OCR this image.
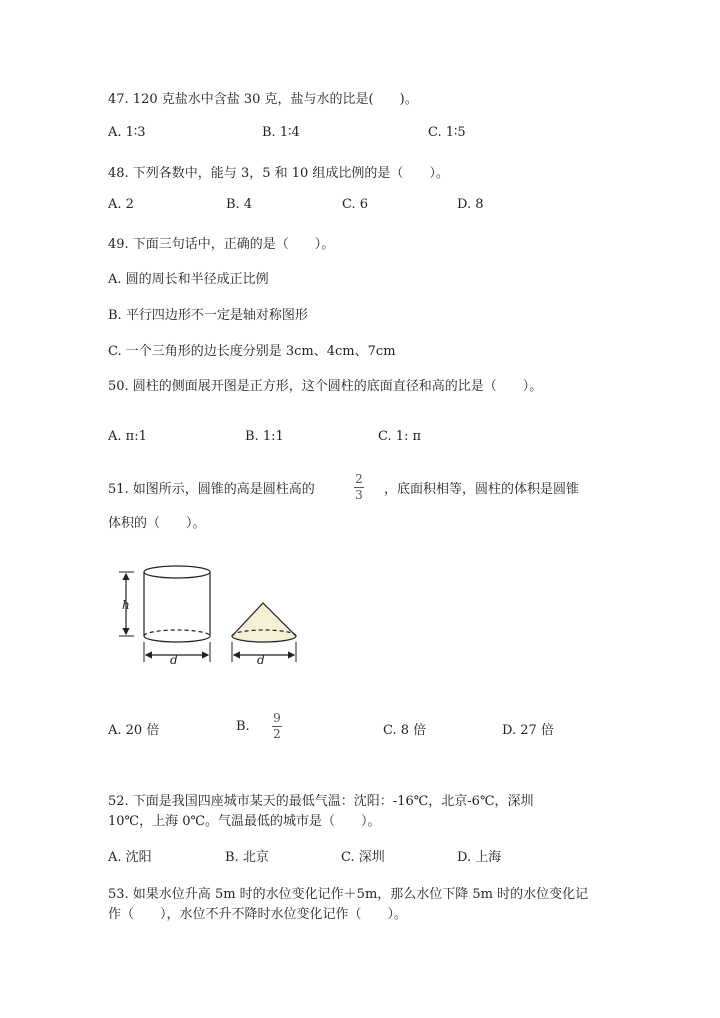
47. 120 克盐水中含盐 30 克，盐与水的比是(　　)。
A. 1∶3	B. 1∶4	C. 1∶5
48. 下列各数中，能与 3，5 和 10 组成比例的是（　　）。
A. 2	B. 4	C. 6	D. 8
49. 下面三句话中，正确的是（　　）。
A. 圆的周长和半径成正比例
B. 平行四边形不一定是轴对称图形
C. 一个三角形的边长度分别是 3cm、4cm、7cm
50. 圆柱的侧面展开图是正方形，这个圆柱的底面直径和高的比是（　　）。
A. π:1	B. 1:1	C. 1: π
51. 如图所示，圆锥的高是圆柱高的
2
3 ，底面积相等，圆柱的体积是圆锥
体积的（　　）。
h
d	d
A. 20 倍	B.
9
2	C. 8 倍	D. 27 倍
52. 下面是我国四座城市某天的最低气温：沈阳：-16℃，北京-6℃，深圳
10℃，上海 0℃。气温最低的城市是（　　）。
A. 沈阳	B. 北京	C. 深圳	D. 上海
53. 如果水位升高 5m 时的水位变化记作＋5m，那么水位下降 5m 时的水位变化记
作（　　），水位不升不降时水位变化记作（　　）。
